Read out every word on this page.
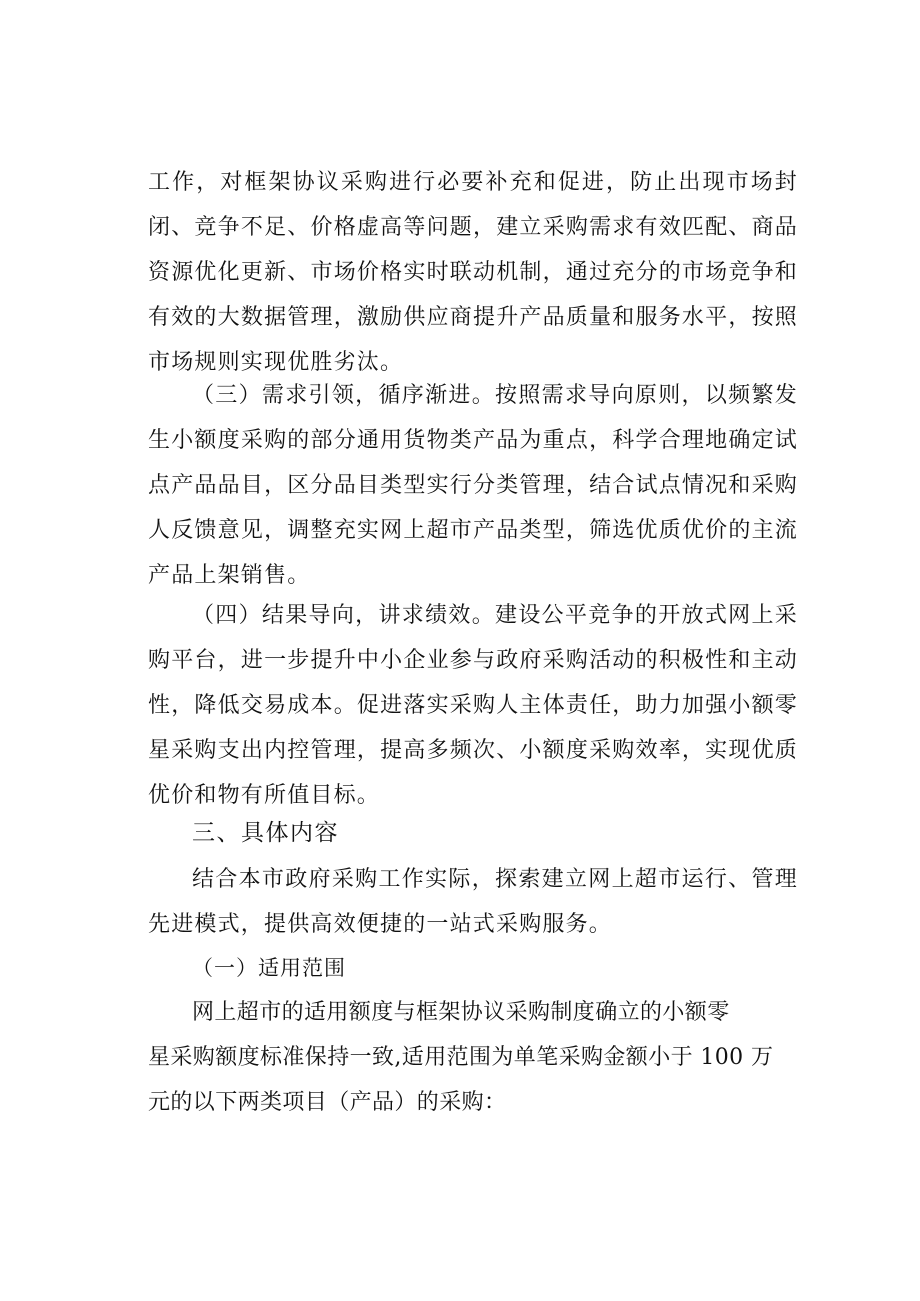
工作，对框架协议采购进行必要补充和促进，防止出现市场封闭、竞争不足、价格虚高等问题，建立采购需求有效匹配、商品资源优化更新、市场价格实时联动机制，通过充分的市场竞争和有效的大数据管理，激励供应商提升产品质量和服务水平，按照市场规则实现优胜劣汰。

（三）需求引领，循序渐进。按照需求导向原则，以频繁发生小额度采购的部分通用货物类产品为重点，科学合理地确定试点产品品目，区分品目类型实行分类管理，结合试点情况和采购人反馈意见，调整充实网上超市产品类型，筛选优质优价的主流产品上架销售。

（四）结果导向，讲求绩效。建设公平竞争的开放式网上采购平台，进一步提升中小企业参与政府采购活动的积极性和主动性，降低交易成本。促进落实采购人主体责任，助力加强小额零星采购支出内控管理，提高多频次、小额度采购效率，实现优质优价和物有所值目标。

三、具体内容

结合本市政府采购工作实际，探索建立网上超市运行、管理先进模式，提供高效便捷的一站式采购服务。

（一）适用范围

网上超市的适用额度与框架协议采购制度确立的小额零
星采购额度标准保持一致,适用范围为单笔采购金额小于 100 万
元的以下两类项目（产品）的采购：
